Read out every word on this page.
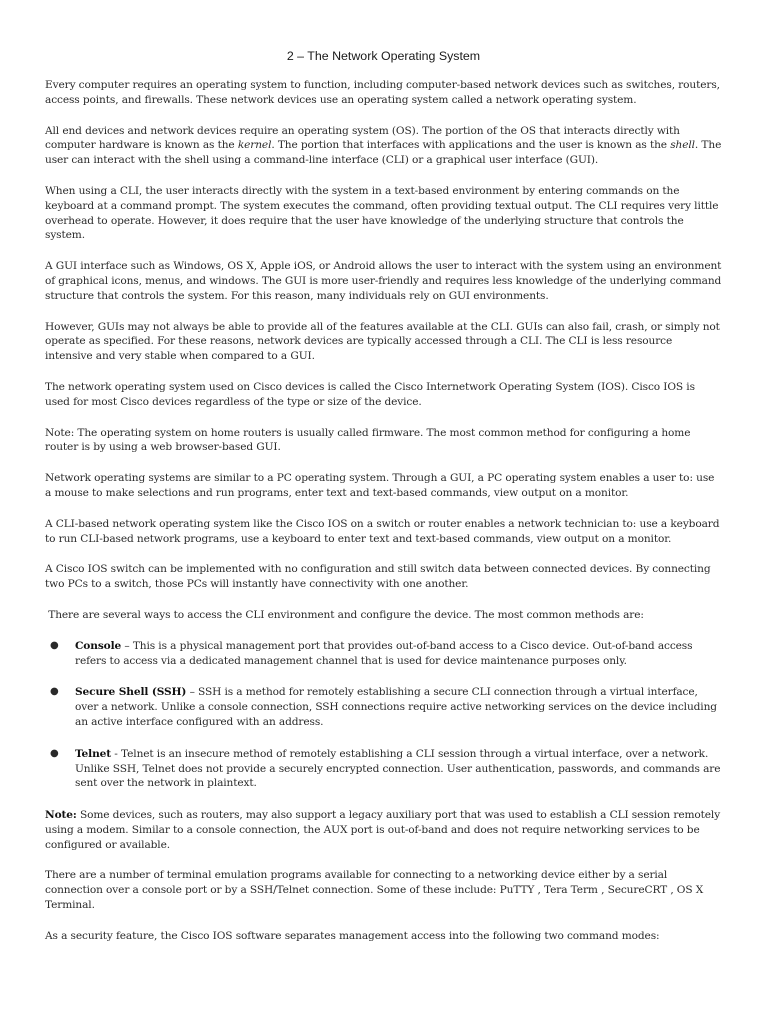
2 – The Network Operating System

Every computer requires an operating system to function, including computer-based network devices such as switches, routers, access points, and firewalls. These network devices use an operating system called a network operating system.

All end devices and network devices require an operating system (OS). The portion of the OS that interacts directly with computer hardware is known as the kernel. The portion that interfaces with applications and the user is known as the shell. The user can interact with the shell using a command-line interface (CLI) or a graphical user interface (GUI).

When using a CLI, the user interacts directly with the system in a text-based environment by entering commands on the keyboard at a command prompt. The system executes the command, often providing textual output. The CLI requires very little overhead to operate. However, it does require that the user have knowledge of the underlying structure that controls the system.

A GUI interface such as Windows, OS X, Apple iOS, or Android allows the user to interact with the system using an environment of graphical icons, menus, and windows. The GUI is more user-friendly and requires less knowledge of the underlying command structure that controls the system. For this reason, many individuals rely on GUI environments.

However, GUIs may not always be able to provide all of the features available at the CLI. GUIs can also fail, crash, or simply not operate as specified. For these reasons, network devices are typically accessed through a CLI. The CLI is less resource intensive and very stable when compared to a GUI.

The network operating system used on Cisco devices is called the Cisco Internetwork Operating System (IOS). Cisco IOS is used for most Cisco devices regardless of the type or size of the device.

Note: The operating system on home routers is usually called firmware. The most common method for configuring a home router is by using a web browser-based GUI.

Network operating systems are similar to a PC operating system. Through a GUI, a PC operating system enables a user to: use a mouse to make selections and run programs, enter text and text-based commands, view output on a monitor.

A CLI-based network operating system like the Cisco IOS on a switch or router enables a network technician to: use a keyboard to run CLI-based network programs, use a keyboard to enter text and text-based commands, view output on a monitor.

A Cisco IOS switch can be implemented with no configuration and still switch data between connected devices. By connecting two PCs to a switch, those PCs will instantly have connectivity with one another.

There are several ways to access the CLI environment and configure the device. The most common methods are:

● Console – This is a physical management port that provides out-of-band access to a Cisco device. Out-of-band access refers to access via a dedicated management channel that is used for device maintenance purposes only.
● Secure Shell (SSH) – SSH is a method for remotely establishing a secure CLI connection through a virtual interface, over a network. Unlike a console connection, SSH connections require active networking services on the device including an active interface configured with an address.
● Telnet - Telnet is an insecure method of remotely establishing a CLI session through a virtual interface, over a network. Unlike SSH, Telnet does not provide a securely encrypted connection. User authentication, passwords, and commands are sent over the network in plaintext.

Note: Some devices, such as routers, may also support a legacy auxiliary port that was used to establish a CLI session remotely using a modem. Similar to a console connection, the AUX port is out-of-band and does not require networking services to be configured or available.

There are a number of terminal emulation programs available for connecting to a networking device either by a serial connection over a console port or by a SSH/Telnet connection. Some of these include: PuTTY , Tera Term , SecureCRT , OS X Terminal.

As a security feature, the Cisco IOS software separates management access into the following two command modes:
